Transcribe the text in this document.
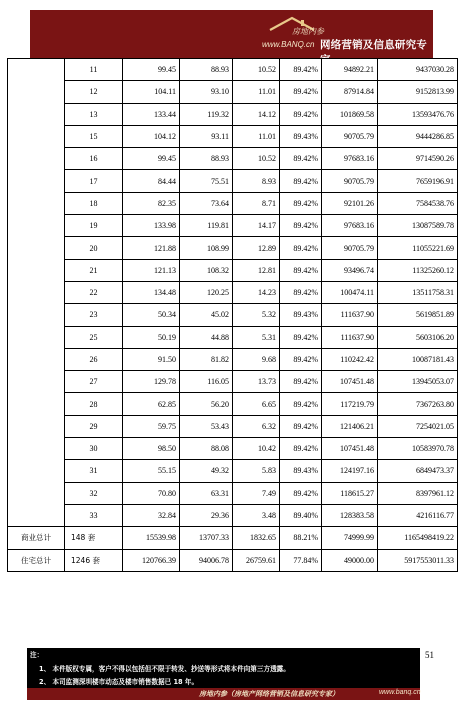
房地内参
www.BANQ.cn 网络营销及信息研究专家
	11	99.45	88.93	10.52	89.42%	94892.21	9437030.28
	12	104.11	93.10	11.01	89.42%	87914.84	9152813.99
	13	133.44	119.32	14.12	89.42%	101869.58	13593476.76
	15	104.12	93.11	11.01	89.43%	90705.79	9444286.85
	16	99.45	88.93	10.52	89.42%	97683.16	9714590.26
	17	84.44	75.51	8.93	89.42%	90705.79	7659196.91
	18	82.35	73.64	8.71	89.42%	92101.26	7584538.76
	19	133.98	119.81	14.17	89.42%	97683.16	13087589.78
	20	121.88	108.99	12.89	89.42%	90705.79	11055221.69
	21	121.13	108.32	12.81	89.42%	93496.74	11325260.12
	22	134.48	120.25	14.23	89.42%	100474.11	13511758.31
	23	50.34	45.02	5.32	89.43%	111637.90	5619851.89
	25	50.19	44.88	5.31	89.42%	111637.90	5603106.20
	26	91.50	81.82	9.68	89.42%	110242.42	10087181.43
	27	129.78	116.05	13.73	89.42%	107451.48	13945053.07
	28	62.85	56.20	6.65	89.42%	117219.79	7367263.80
	29	59.75	53.43	6.32	89.42%	121406.21	7254021.05
	30	98.50	88.08	10.42	89.42%	107451.48	10583970.78
	31	55.15	49.32	5.83	89.43%	124197.16	6849473.37
	32	70.80	63.31	7.49	89.42%	118615.27	8397961.12
	33	32.84	29.36	3.48	89.40%	128383.58	4216116.77
商业总计	148 套	15539.98	13707.33	1832.65	88.21%	74999.99	1165498419.22
住宅总计	1246 套	120766.39	94006.78	26759.61	77.84%	49000.00	5917553011.33
注：
1、 本件版权专属，客户不得以包括但不限于转发、抄送等形式将本件向第三方透露。
2、 本司监测深圳楼市动态及楼市销售数据已 18 年。
51
房地内参（房地产网络营销及信息研究专家）	www.banq.cn
